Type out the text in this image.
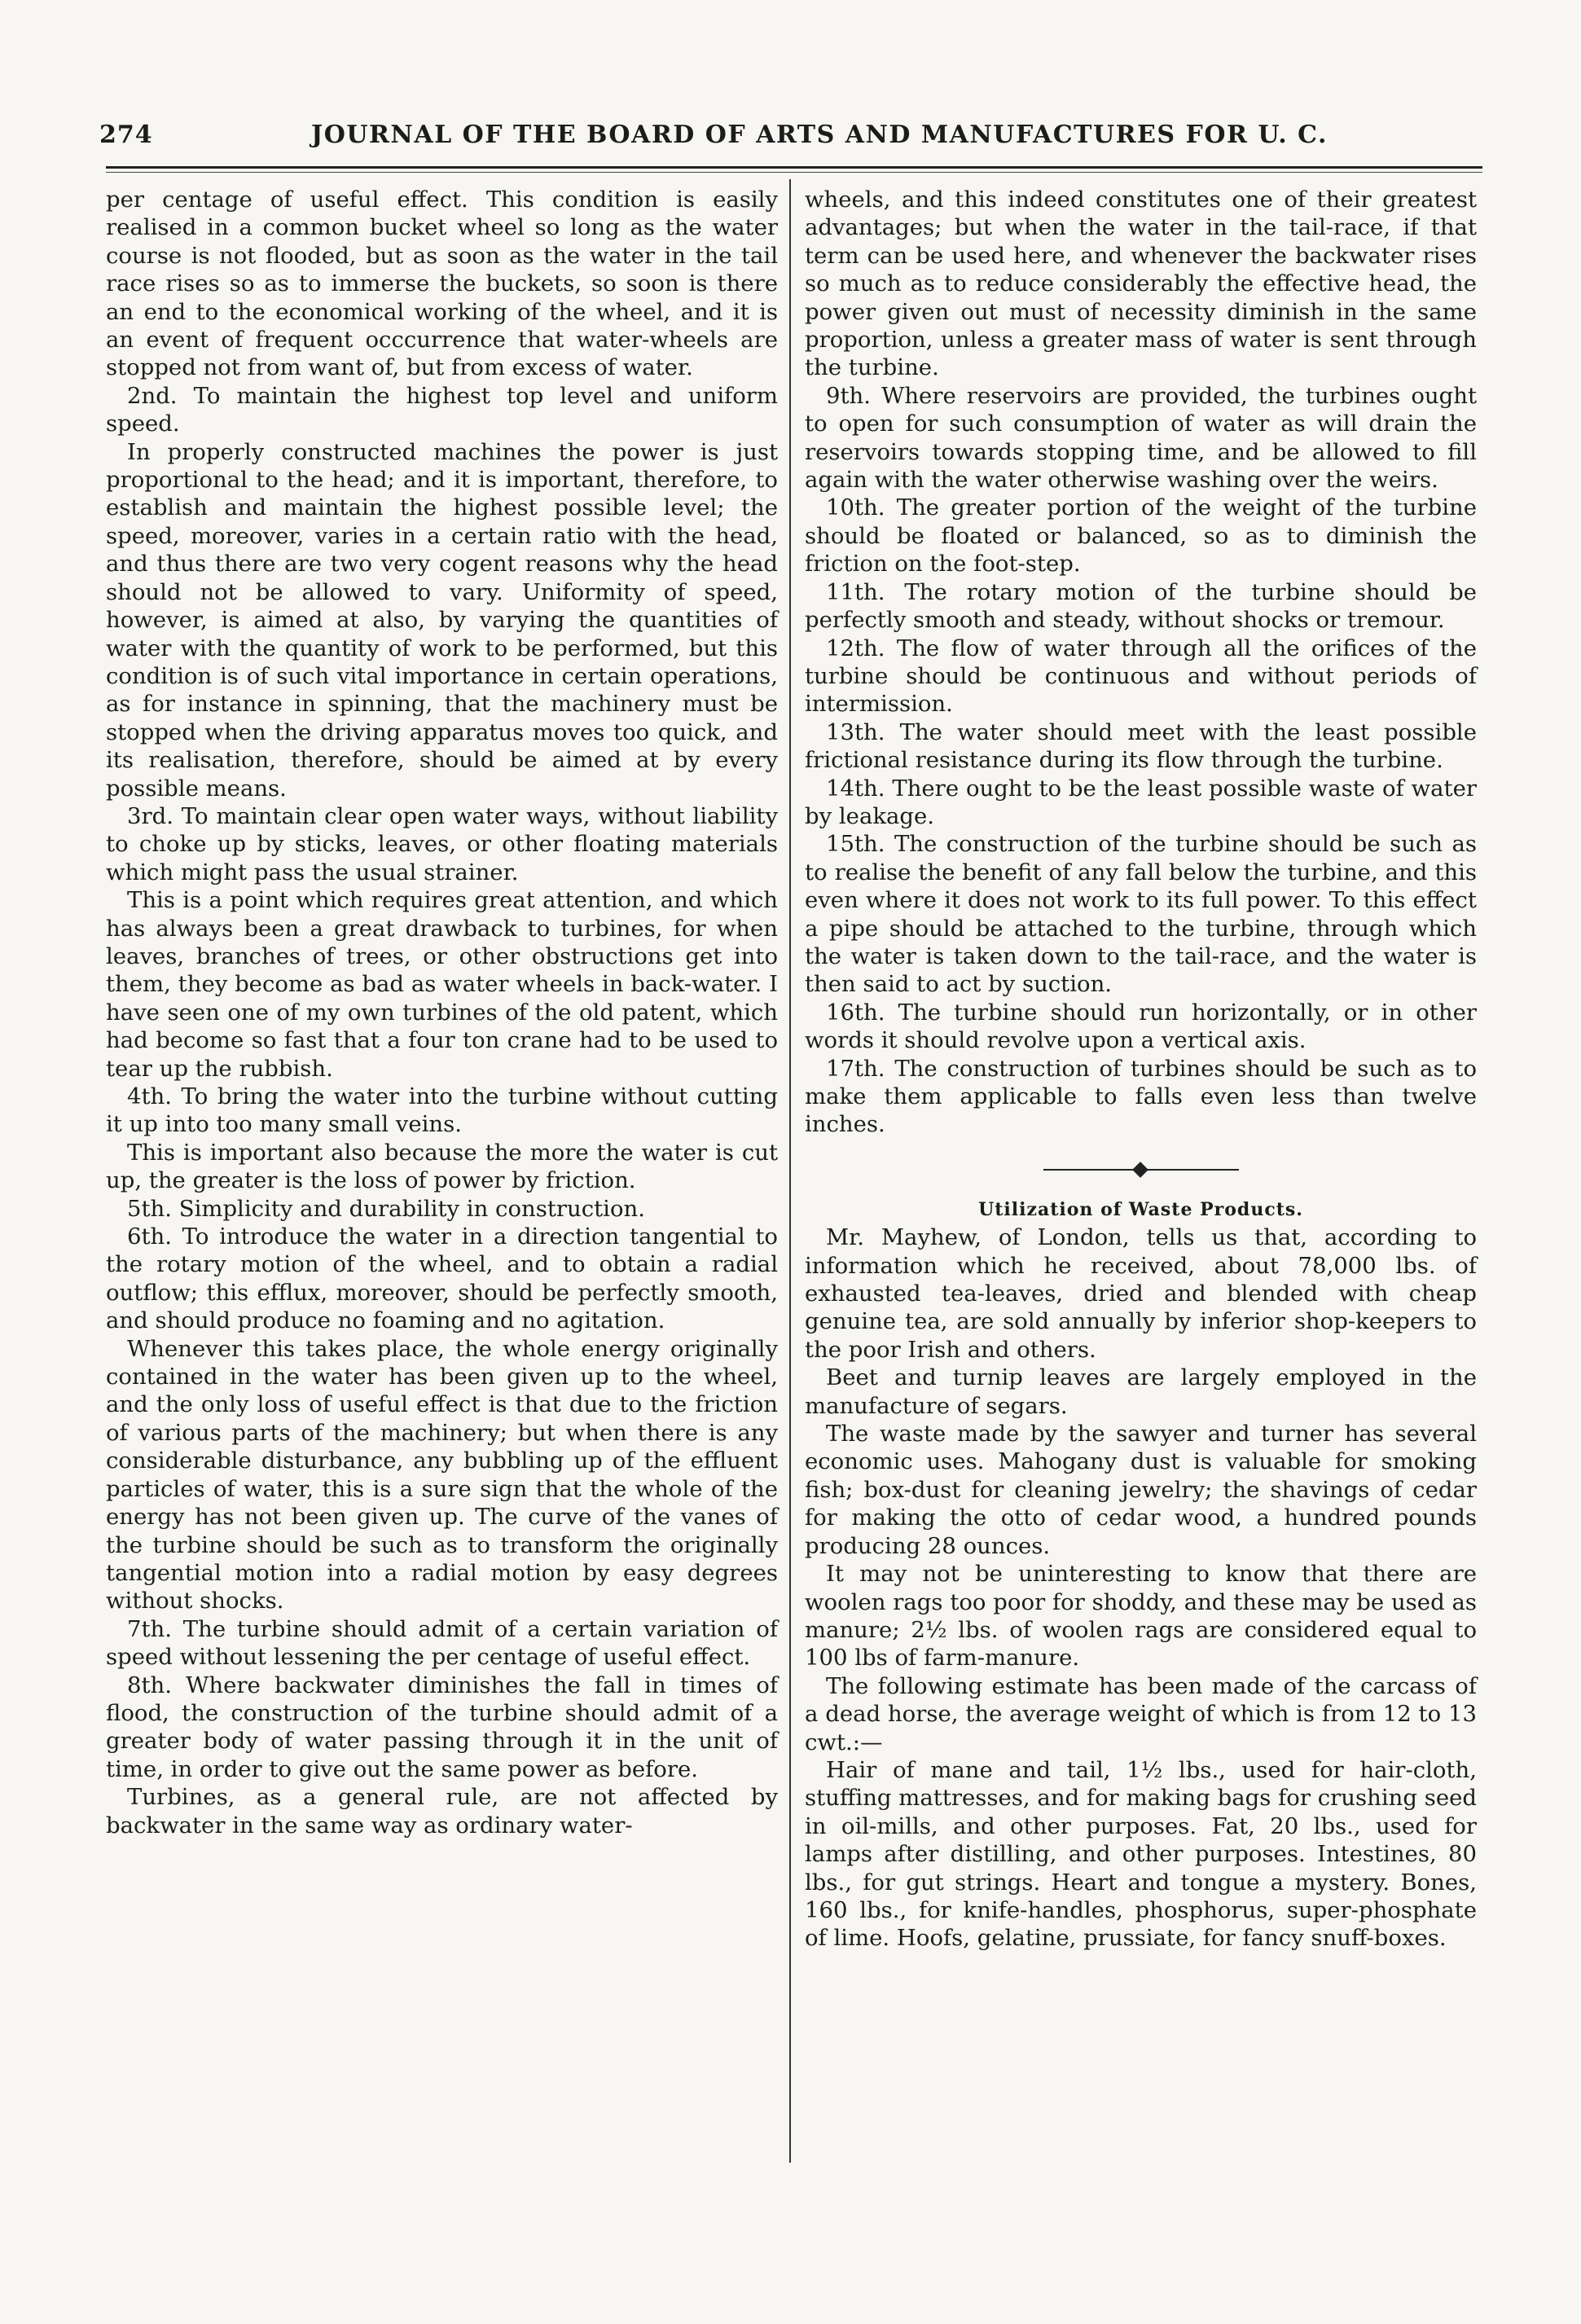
274	JOURNAL OF THE BOARD OF ARTS AND MANUFACTURES FOR U. C.

per centage of useful effect. This condition is easily realised in a common bucket wheel so long as the water course is not flooded, but as soon as the water in the tail race rises so as to immerse the buckets, so soon is there an end to the economical working of the wheel, and it is an event of frequent occcurrence that water-wheels are stopped not from want of, but from excess of water.

2nd. To maintain the highest top level and uniform speed.

In properly constructed machines the power is just proportional to the head; and it is important, therefore, to establish and maintain the highest possible level; the speed, moreover, varies in a certain ratio with the head, and thus there are two very cogent reasons why the head should not be allowed to vary. Uniformity of speed, however, is aimed at also, by varying the quantities of water with the quantity of work to be performed, but this condition is of such vital importance in certain operations, as for instance in spinning, that the machinery must be stopped when the driving apparatus moves too quick, and its realisation, therefore, should be aimed at by every possible means.

3rd. To maintain clear open water ways, without liability to choke up by sticks, leaves, or other floating materials which might pass the usual strainer.

This is a point which requires great attention, and which has always been a great drawback to turbines, for when leaves, branches of trees, or other obstructions get into them, they become as bad as water wheels in back-water. I have seen one of my own turbines of the old patent, which had become so fast that a four ton crane had to be used to tear up the rubbish.

4th. To bring the water into the turbine without cutting it up into too many small veins.

This is important also because the more the water is cut up, the greater is the loss of power by friction.

5th. Simplicity and durability in construction.

6th. To introduce the water in a direction tangential to the rotary motion of the wheel, and to obtain a radial outflow; this efflux, moreover, should be perfectly smooth, and should produce no foaming and no agitation.

Whenever this takes place, the whole energy originally contained in the water has been given up to the wheel, and the only loss of useful effect is that due to the friction of various parts of the machinery; but when there is any considerable disturbance, any bubbling up of the effluent particles of water, this is a sure sign that the whole of the energy has not been given up. The curve of the vanes of the turbine should be such as to transform the originally tangential motion into a radial motion by easy degrees without shocks.

7th. The turbine should admit of a certain variation of speed without lessening the per centage of useful effect.

8th. Where backwater diminishes the fall in times of flood, the construction of the turbine should admit of a greater body of water passing through it in the unit of time, in order to give out the same power as before.

Turbines, as a general rule, are not affected by backwater in the same way as ordinary water-

wheels, and this indeed constitutes one of their greatest advantages; but when the water in the tail-race, if that term can be used here, and whenever the backwater rises so much as to reduce considerably the effective head, the power given out must of necessity diminish in the same proportion, unless a greater mass of water is sent through the turbine.

9th. Where reservoirs are provided, the turbines ought to open for such consumption of water as will drain the reservoirs towards stopping time, and be allowed to fill again with the water otherwise washing over the weirs.

10th. The greater portion of the weight of the turbine should be floated or balanced, so as to diminish the friction on the foot-step.

11th. The rotary motion of the turbine should be perfectly smooth and steady, without shocks or tremour.

12th. The flow of water through all the orifices of the turbine should be continuous and without periods of intermission.

13th. The water should meet with the least possible frictional resistance during its flow through the turbine.

14th. There ought to be the least possible waste of water by leakage.

15th. The construction of the turbine should be such as to realise the benefit of any fall below the turbine, and this even where it does not work to its full power. To this effect a pipe should be attached to the turbine, through which the water is taken down to the tail-race, and the water is then said to act by suction.

16th. The turbine should run horizontally, or in other words it should revolve upon a vertical axis.

17th. The construction of turbines should be such as to make them applicable to falls even less than twelve inches.

Utilization of Waste Products.

Mr. Mayhew, of London, tells us that, according to information which he received, about 78,000 lbs. of exhausted tea-leaves, dried and blended with cheap genuine tea, are sold annually by inferior shop-keepers to the poor Irish and others.

Beet and turnip leaves are largely employed in the manufacture of segars.

The waste made by the sawyer and turner has several economic uses. Mahogany dust is valuable for smoking fish; box-dust for cleaning jewelry; the shavings of cedar for making the otto of cedar wood, a hundred pounds producing 28 ounces.

It may not be uninteresting to know that there are woolen rags too poor for shoddy, and these may be used as manure; 2½ lbs. of woolen rags are considered equal to 100 lbs of farm-manure.

The following estimate has been made of the carcass of a dead horse, the average weight of which is from 12 to 13 cwt.:—

Hair of mane and tail, 1½ lbs., used for hair-cloth, stuffing mattresses, and for making bags for crushing seed in oil-mills, and other purposes. Fat, 20 lbs., used for lamps after distilling, and other purposes. Intestines, 80 lbs., for gut strings. Heart and tongue a mystery. Bones, 160 lbs., for knife-handles, phosphorus, super-phosphate of lime. Hoofs, gelatine, prussiate, for fancy snuff-boxes.
